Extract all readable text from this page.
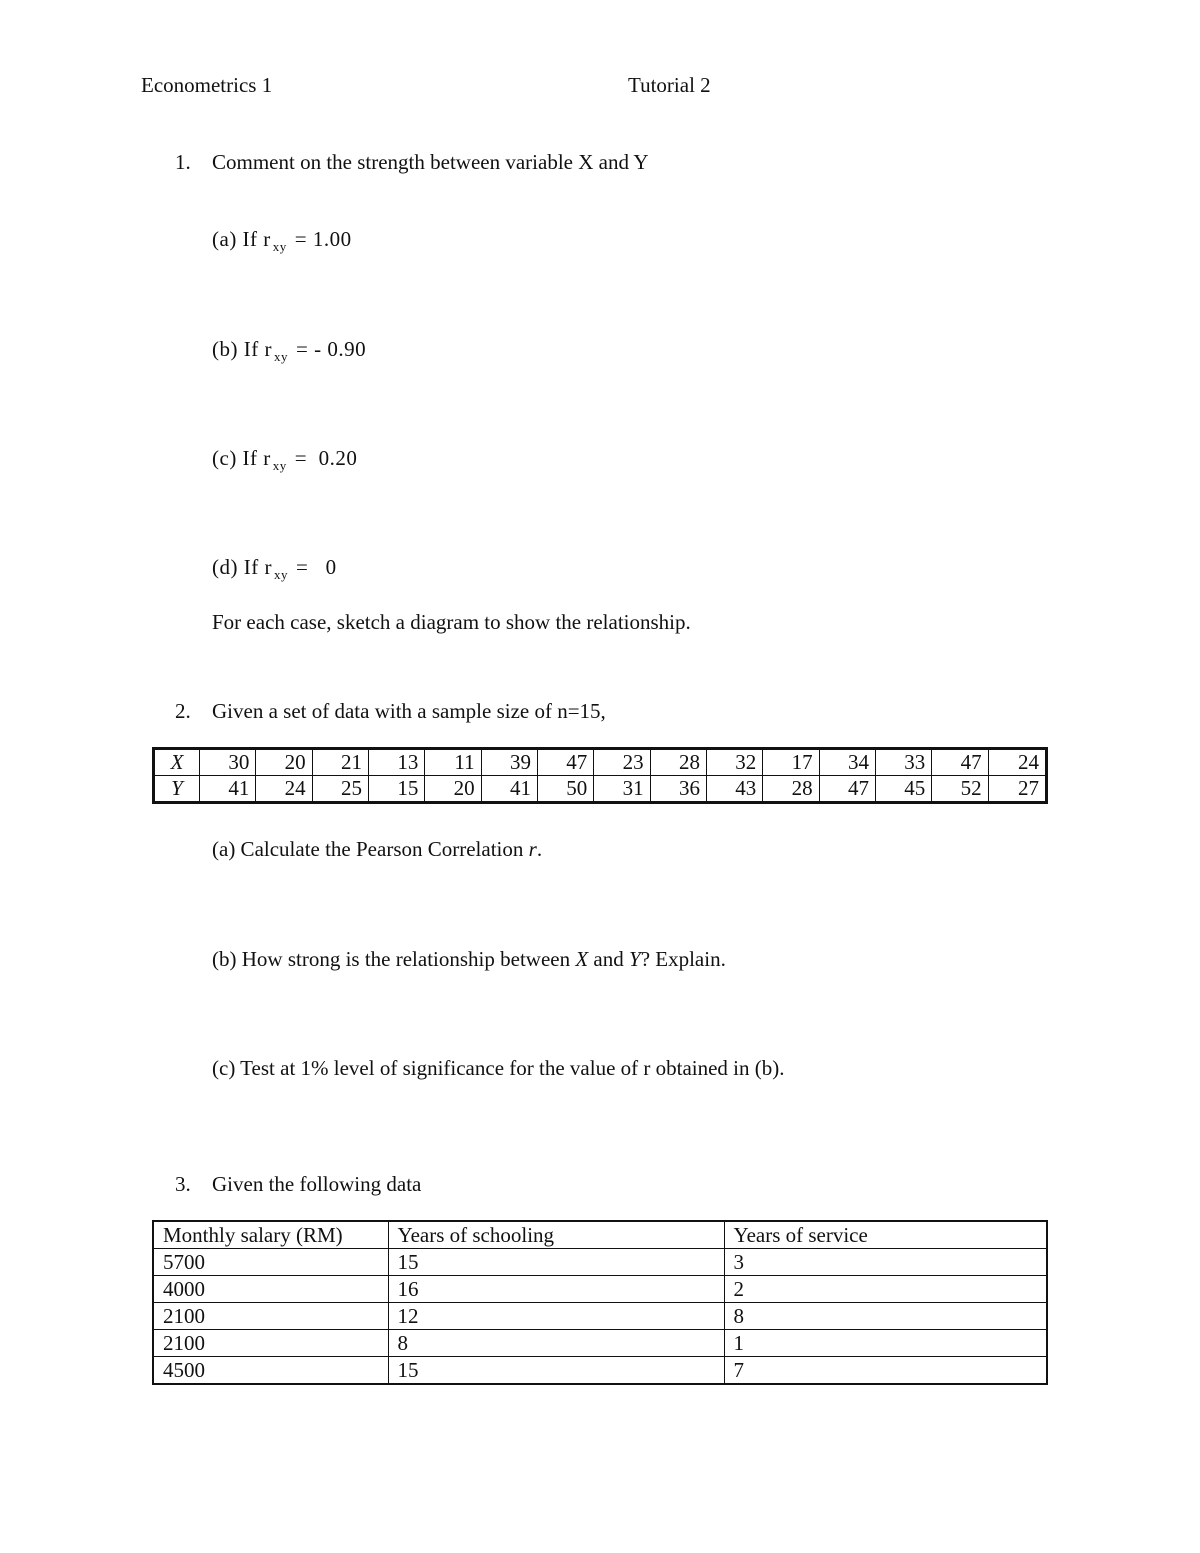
Econometrics 1	Tutorial 2
1. Comment on the strength between variable X and Y
(a) If r $_{xy}$ = 1.00
(b) If r $_{xy}$ = - 0.90
(c) If r $_{xy}$ =  0.20
(d) If r $_{xy}$ =   0
For each case, sketch a diagram to show the relationship.
2. Given a set of data with a sample size of n=15,
X	30	20	21	13	11	39	47	23	28	32	17	34	33	47	24
Y	41	24	25	15	20	41	50	31	36	43	28	47	45	52	27
(a) Calculate the Pearson Correlation r.
(b) How strong is the relationship between X and Y? Explain.
(c) Test at 1% level of significance for the value of r obtained in (b).
3. Given the following data
Monthly salary (RM)	Years of schooling	Years of service
5700	15	3
4000	16	2
2100	12	8
2100	8	1
4500	15	7
